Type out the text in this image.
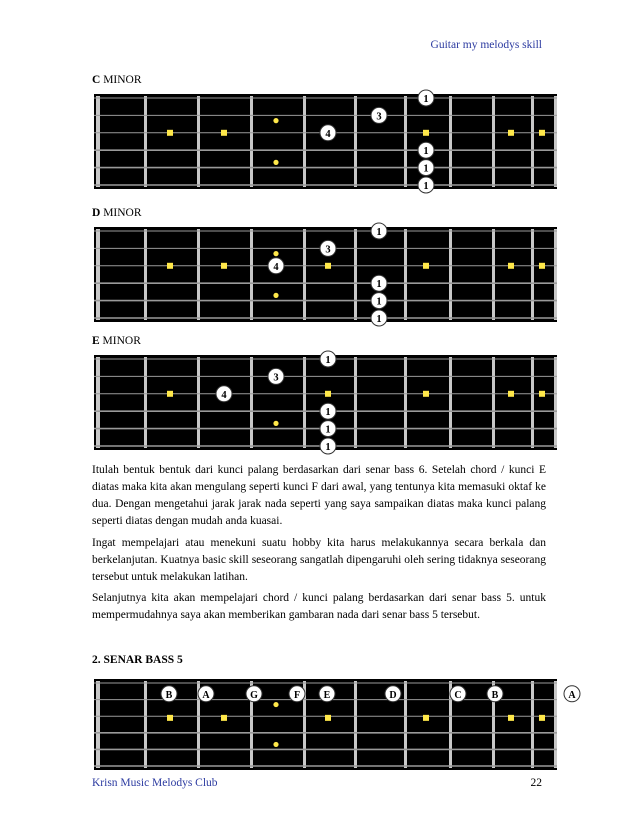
Guitar my melodys skill
C MINOR
1
3
4
1
1
1
D MINOR
1
3
4
1
1
1
E MINOR
1
3
4
1
1
1
Itulah bentuk bentuk dari kunci palang berdasarkan dari senar bass 6. Setelah chord / kunci E diatas maka kita akan mengulang seperti kunci F dari awal, yang tentunya kita memasuki oktaf ke dua. Dengan mengetahui jarak jarak nada seperti yang saya sampaikan diatas maka kunci palang seperti diatas dengan mudah anda kuasai.
Ingat mempelajari atau menekuni suatu hobby kita harus melakukannya secara berkala dan berkelanjutan. Kuatnya basic skill seseorang sangatlah dipengaruhi oleh sering tidaknya seseorang tersebut untuk melakukan latihan.
Selanjutnya kita akan mempelajari chord / kunci palang berdasarkan dari senar bass 5. untuk mempermudahnya saya akan memberikan gambaran nada dari senar bass 5 tersebut.
2. SENAR BASS 5
B	A	G	F E	D	C	B	A
Krisn Music Melodys Club	22
